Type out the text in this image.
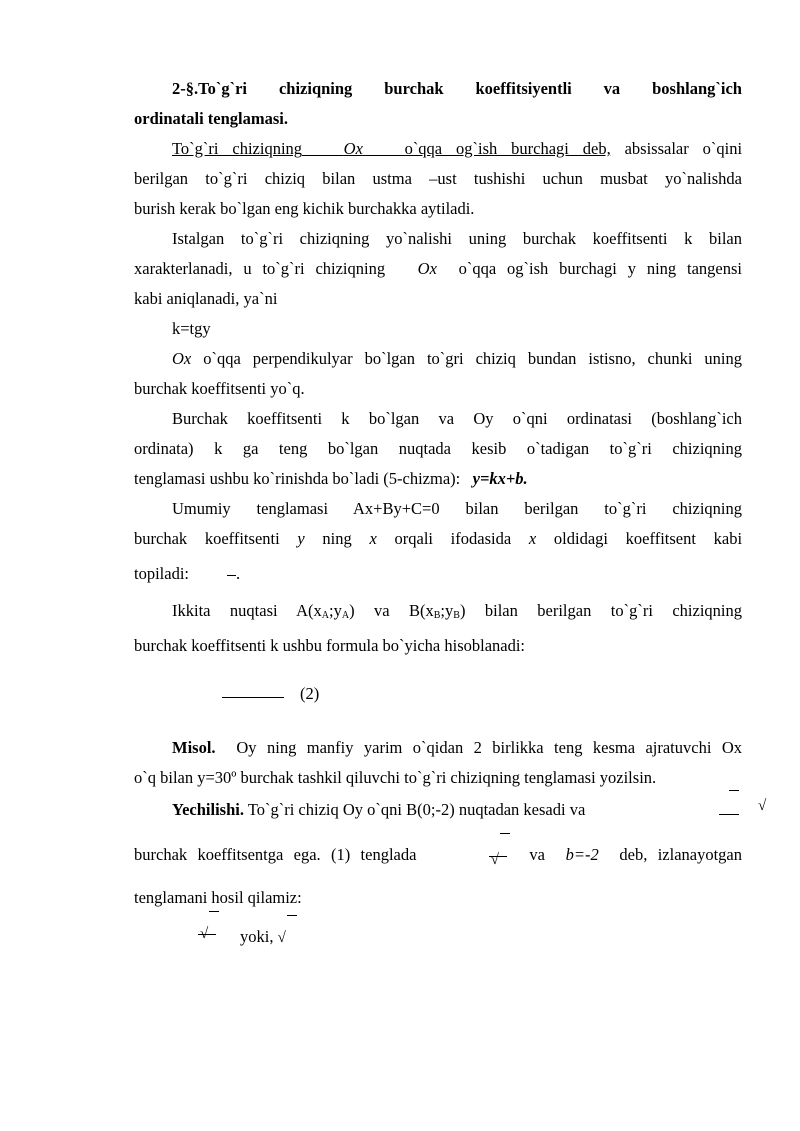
2-§.To`g`ri chiziqning burchak koeffitsiyentli va boshlang`ich
ordinatali tenglamasi.

To`g`ri chiziqning	Ox	o`qqa og`ish burchagi deb, absissalar o`qini
berilgan to`g`ri chiziq bilan ustma –ust tushishi uchun musbat yo`nalishda
burish kerak bo`lgan eng kichik burchakka aytiladi.

Istalgan to`g`ri chiziqning yo`nalishi uning burchak koeffitsenti k bilan
xarakterlanadi, u to`g`ri chiziqning Ox o`qqa og`ish burchagi y ning tangensi
kabi aniqlanadi, ya`ni

k=tgy

Ox o`qqa perpendikulyar bo`lgan to`gri chiziq bundan istisno, chunki uning
burchak koeffitsenti yo`q.

Burchak koeffitsenti k bo`lgan va Oy o`qni ordinatasi (boshlang`ich
ordinata) k ga teng bo`lgan nuqtada kesib o`tadigan to`g`ri chiziqning
tenglamasi ushbu ko`rinishda bo`ladi (5-chizma): y=kx+b.

Umumiy tenglamasi Ax+By+C=0 bilan berilgan to`g`ri chiziqning
burchak koeffitsenti y ning x orqali ifodasida x oldidagi koeffitsent kabi
topiladi:	.

Ikkita nuqtasi $A(x_A;y_A)$ va $B(x_B;y_B)$ bilan berilgan to`g`ri chiziqning
burchak koeffitsenti k ushbu formula bo`yicha hisoblanadi:

(2)

Misol. Oy ning manfiy yarim o`qidan 2 birlikka teng kesma ajratuvchi Ox
o`q bilan y=30º burchak tashkil qiluvchi to`g`ri chiziqning tenglamasi yozilsin.

Yechilishi. To`g`ri chiziq Oy o`qni B(0;-2) nuqtadan kesadi va	√
burchak koeffitsentga ega. (1) tenglada	√ va b=-2 deb, izlanayotgan
tenglamani hosil qilamiz:
√ yoki, √
